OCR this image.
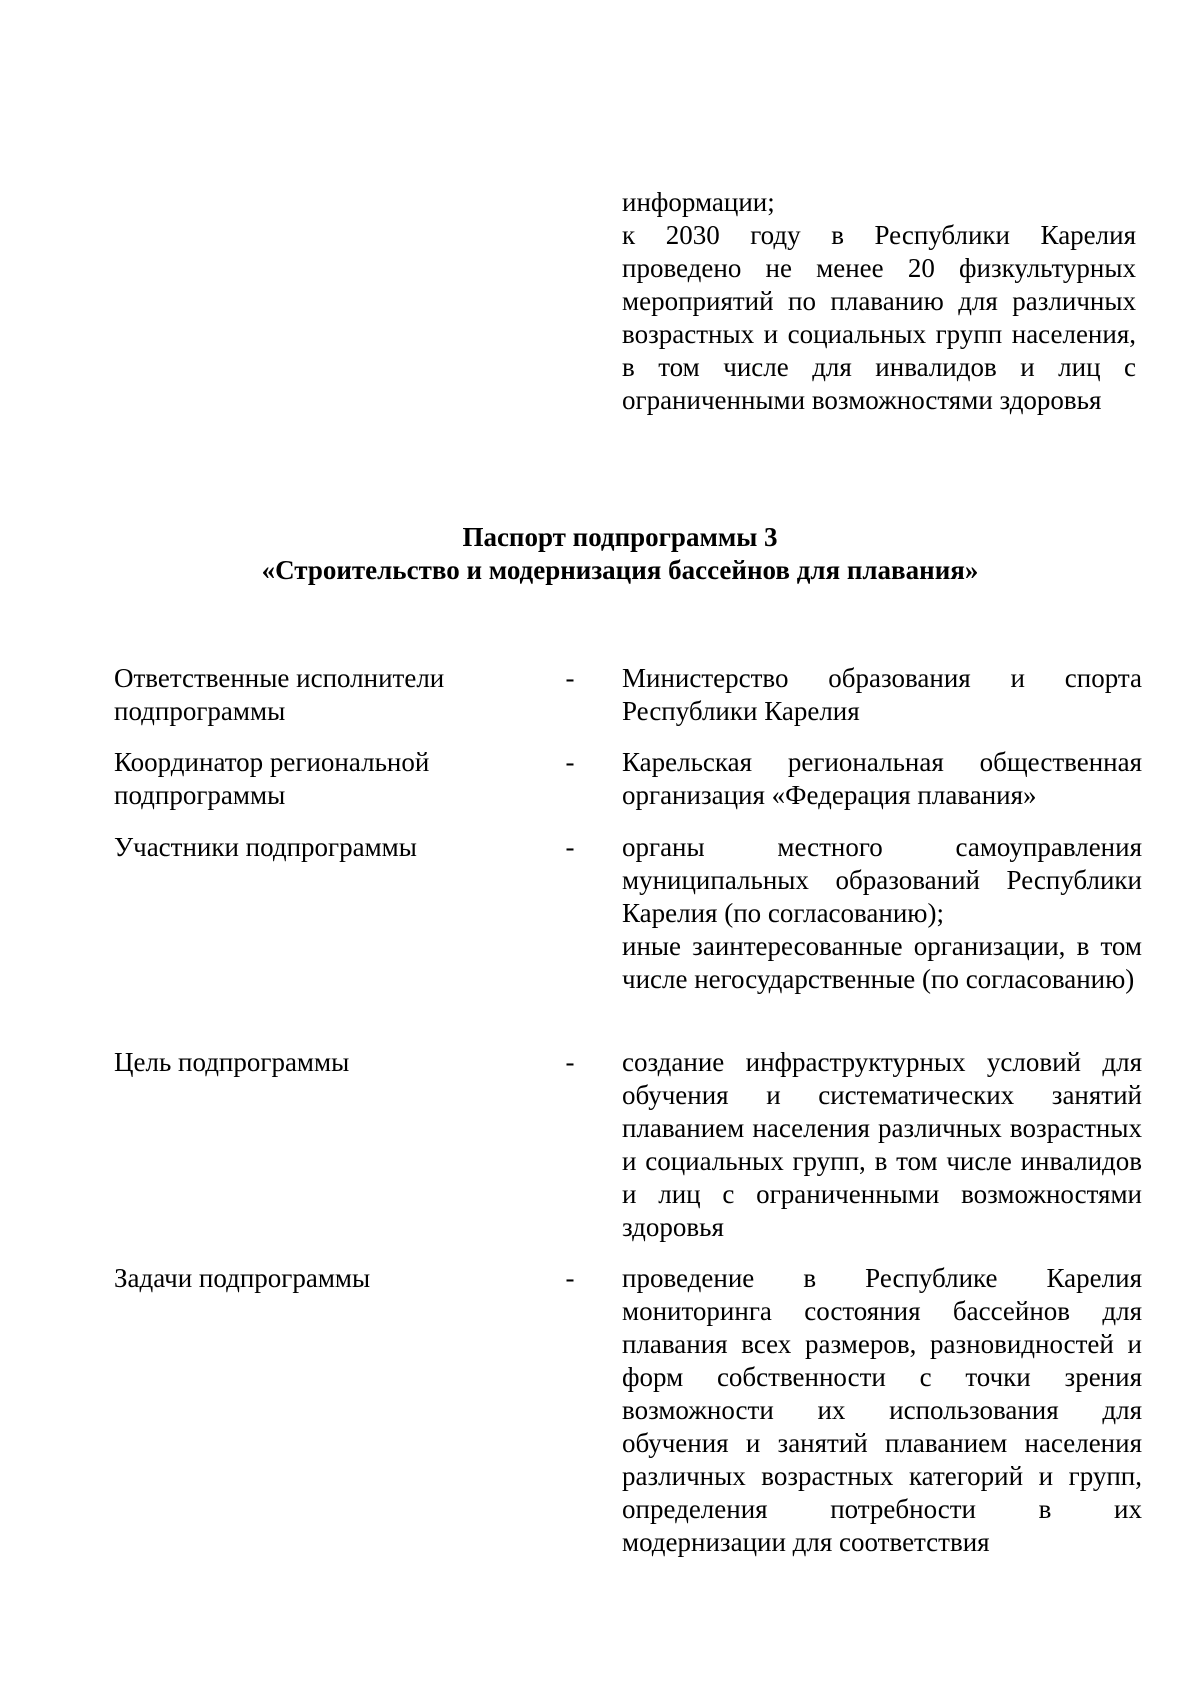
информации;

к 2030 году в Республики Карелия проведено не менее 20 физкультурных мероприятий по плаванию для различных возрастных и социальных групп населения, в том числе для инвалидов и лиц с ограниченными возможностями здоровья

Паспорт подпрограммы 3
«Строительство и модернизация бассейнов для плавания»
Ответственные исполнители подпрограммы
- Министерство образования и спорта Республики Карелия

Координатор региональной подпрограммы
- Карельская региональная общественная организация «Федерация плавания»

Участники подпрограммы	- органы местного самоуправления муниципальных образований Республики Карелия (по согласованию);

иные заинтересованные организации, в том числе негосударственные (по согласованию)

Цель подпрограммы	- создание инфраструктурных условий для обучения и систематических занятий плаванием населения различных возрастных и социальных групп, в том числе инвалидов и лиц с ограниченными возможностями здоровья

Задачи подпрограммы	- проведение в Республике Карелия мониторинга состояния бассейнов для плавания всех размеров, разновидностей и форм собственности с точки зрения возможности их использования для обучения и занятий плаванием населения различных возрастных категорий и групп, определения потребности в их модернизации для соответствия
